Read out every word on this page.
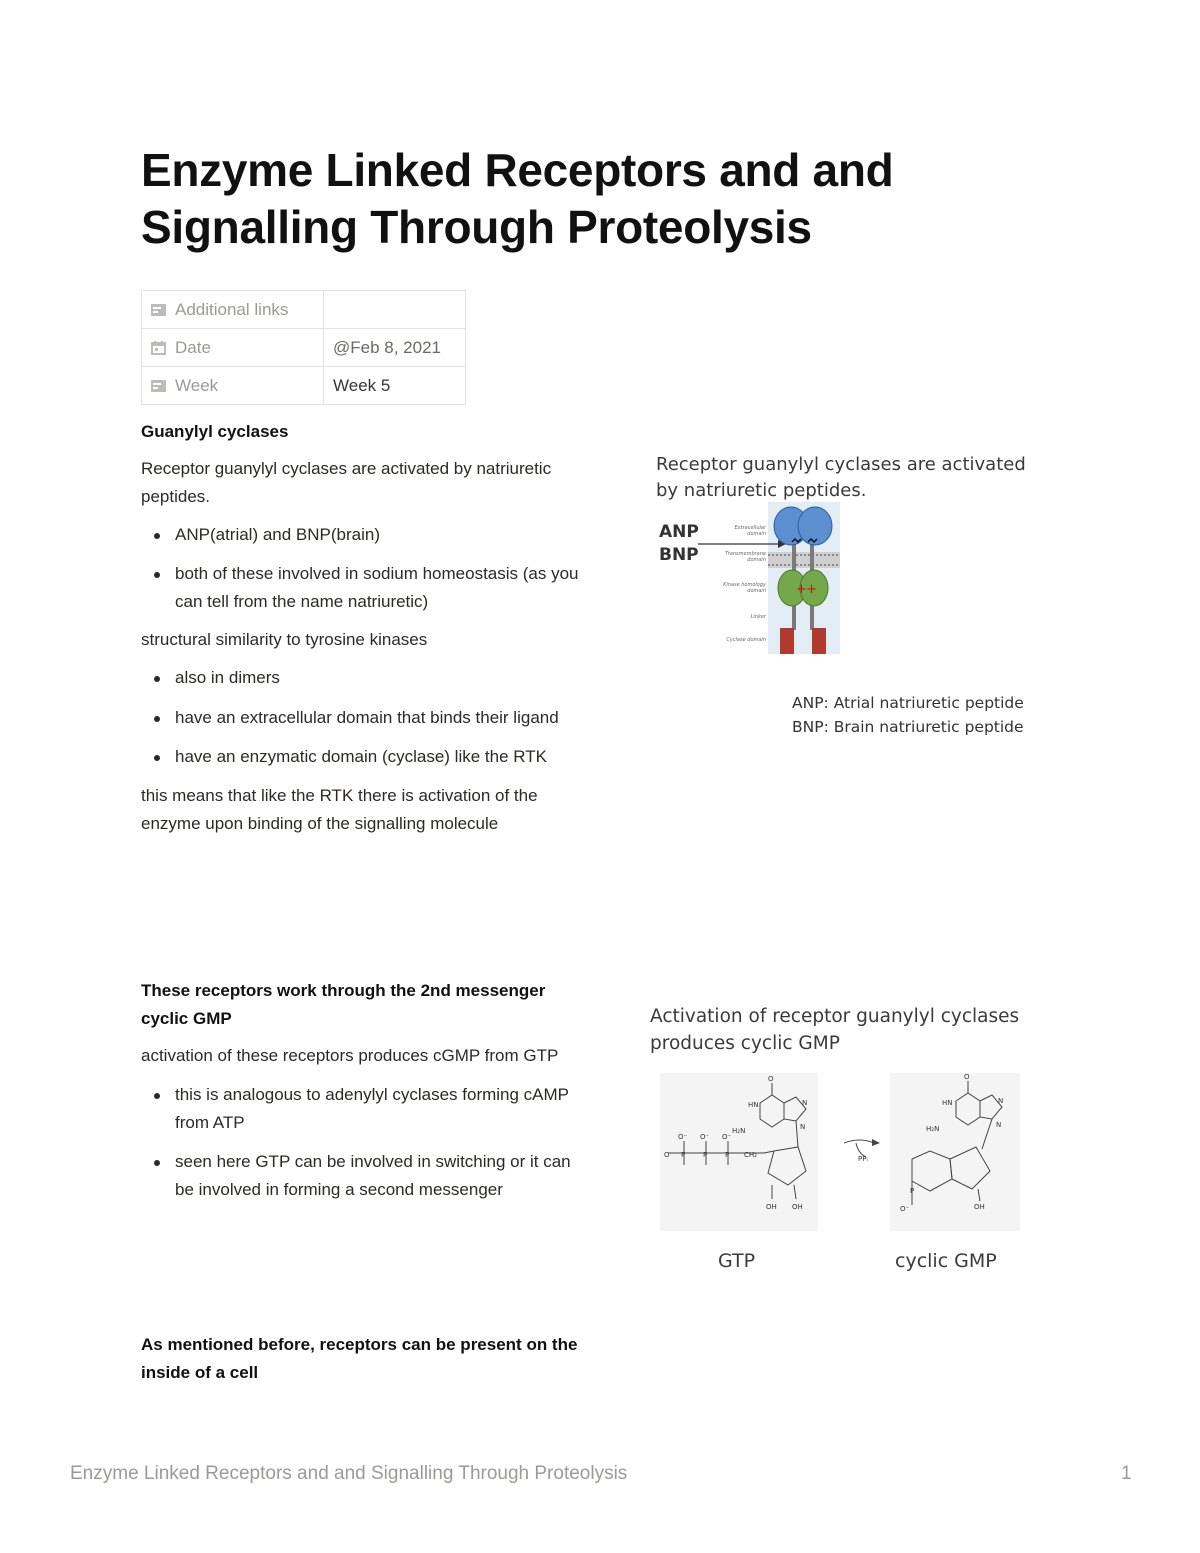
Enzyme Linked Receptors and and Signalling Through Proteolysis
Additional links	
Date	@Feb 8, 2021
Week	Week 5
Guanylyl cyclases
Receptor guanylyl cyclases are activated by natriuretic peptides.
ANP(atrial) and BNP(brain)
both of these involved in sodium homeostasis (as you can tell from the name natriuretic)
structural similarity to tyrosine kinases
also in dimers
have an extracellular domain that binds their ligand
have an enzymatic domain (cyclase) like the RTK
this means that like the RTK there is activation of the enzyme upon binding of the signalling molecule
These receptors work through the 2nd messenger cyclic GMP
activation of these receptors produces cGMP from GTP
this is analogous to adenylyl cyclases forming cAMP from ATP
seen here GTP can be involved in switching or it can be involved in forming a second messenger
As mentioned before, receptors can be present on the inside of a cell
Receptor guanylyl cyclases are activated
by natriuretic peptides.
ANP
BNP
+ +
Extracellular domain
Transmembrane domain
Kinase homology domain
Linker
Cyclase domain
ANP: Atrial natriuretic peptide
BNP: Brain natriuretic peptide
Activation of receptor guanylyl cyclases
produces cyclic GMP
O
HN
H₂N
N
N
O⁻ O⁻ O⁻
O⁻ P	P	P CH₂
OH OH
O
HN
H₂N
N
N
O⁻
P
OH
PPᵢ
GTP	cyclic GMP
Enzyme Linked Receptors and and Signalling Through Proteolysis	1
